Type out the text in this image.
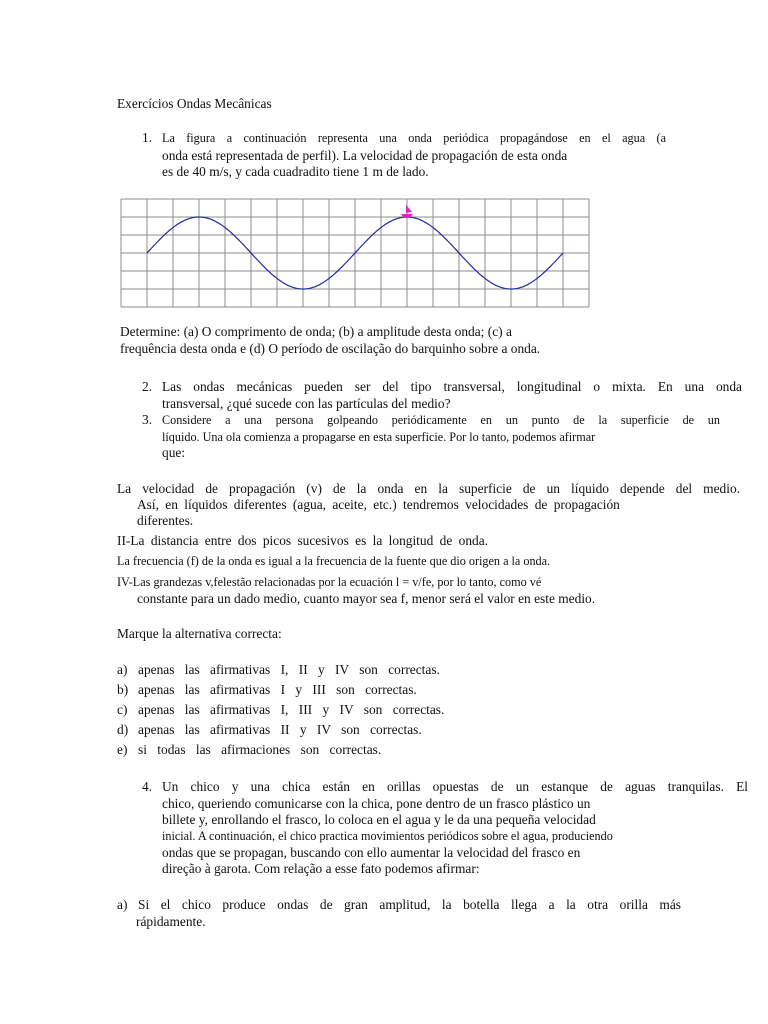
Exercícios Ondas Mecânicas
1. La figura a continuación representa una onda periódica propagándose en el agua (a
onda está representada de perfil). La velocidad de propagación de esta onda
es de 40 m/s, y cada cuadradito tiene 1 m de lado.
Determine: (a) O comprimento de onda; (b) a amplitude desta onda; (c) a
frequência desta onda e (d) O período de oscilação do barquinho sobre a onda.
2. Las ondas mecánicas pueden ser del tipo transversal, longitudinal o mixta. En una onda
transversal, ¿qué sucede con las partículas del medio?
3. Considere a una persona golpeando periódicamente en un punto de la superficie de un
líquido. Una ola comienza a propagarse en esta superficie. Por lo tanto, podemos afirmar
que:
La velocidad de propagación (v) de la onda en la superficie de un líquido depende del medio.
Así, en líquidos diferentes (agua, aceite, etc.) tendremos velocidades de propagación
diferentes.
II-La distancia entre dos picos sucesivos es la longitud de onda.
La frecuencia (f) de la onda es igual a la frecuencia de la fuente que dio origen a la onda.
IV-Las grandezas v,felestão relacionadas por la ecuación l = v/fe, por lo tanto, como vé
constante para un dado medio, cuanto mayor sea f, menor será el valor en este medio.
Marque la alternativa correcta:
a) apenas las afirmativas I, II y IV son correctas.
b) apenas las afirmativas I y III son correctas.
c) apenas las afirmativas I, III y IV son correctas.
d) apenas las afirmativas II y IV son correctas.
e) si todas las afirmaciones son correctas.
4. Un chico y una chica están en orillas opuestas de un estanque de aguas tranquilas. El
chico, queriendo comunicarse con la chica, pone dentro de un frasco plástico un
billete y, enrollando el frasco, lo coloca en el agua y le da una pequeña velocidad
inicial. A continuación, el chico practica movimientos periódicos sobre el agua, produciendo
ondas que se propagan, buscando con ello aumentar la velocidad del frasco en
direção à garota. Com relação a esse fato podemos afirmar:
a) Si el chico produce ondas de gran amplitud, la botella llega a la otra orilla más
rápidamente.
